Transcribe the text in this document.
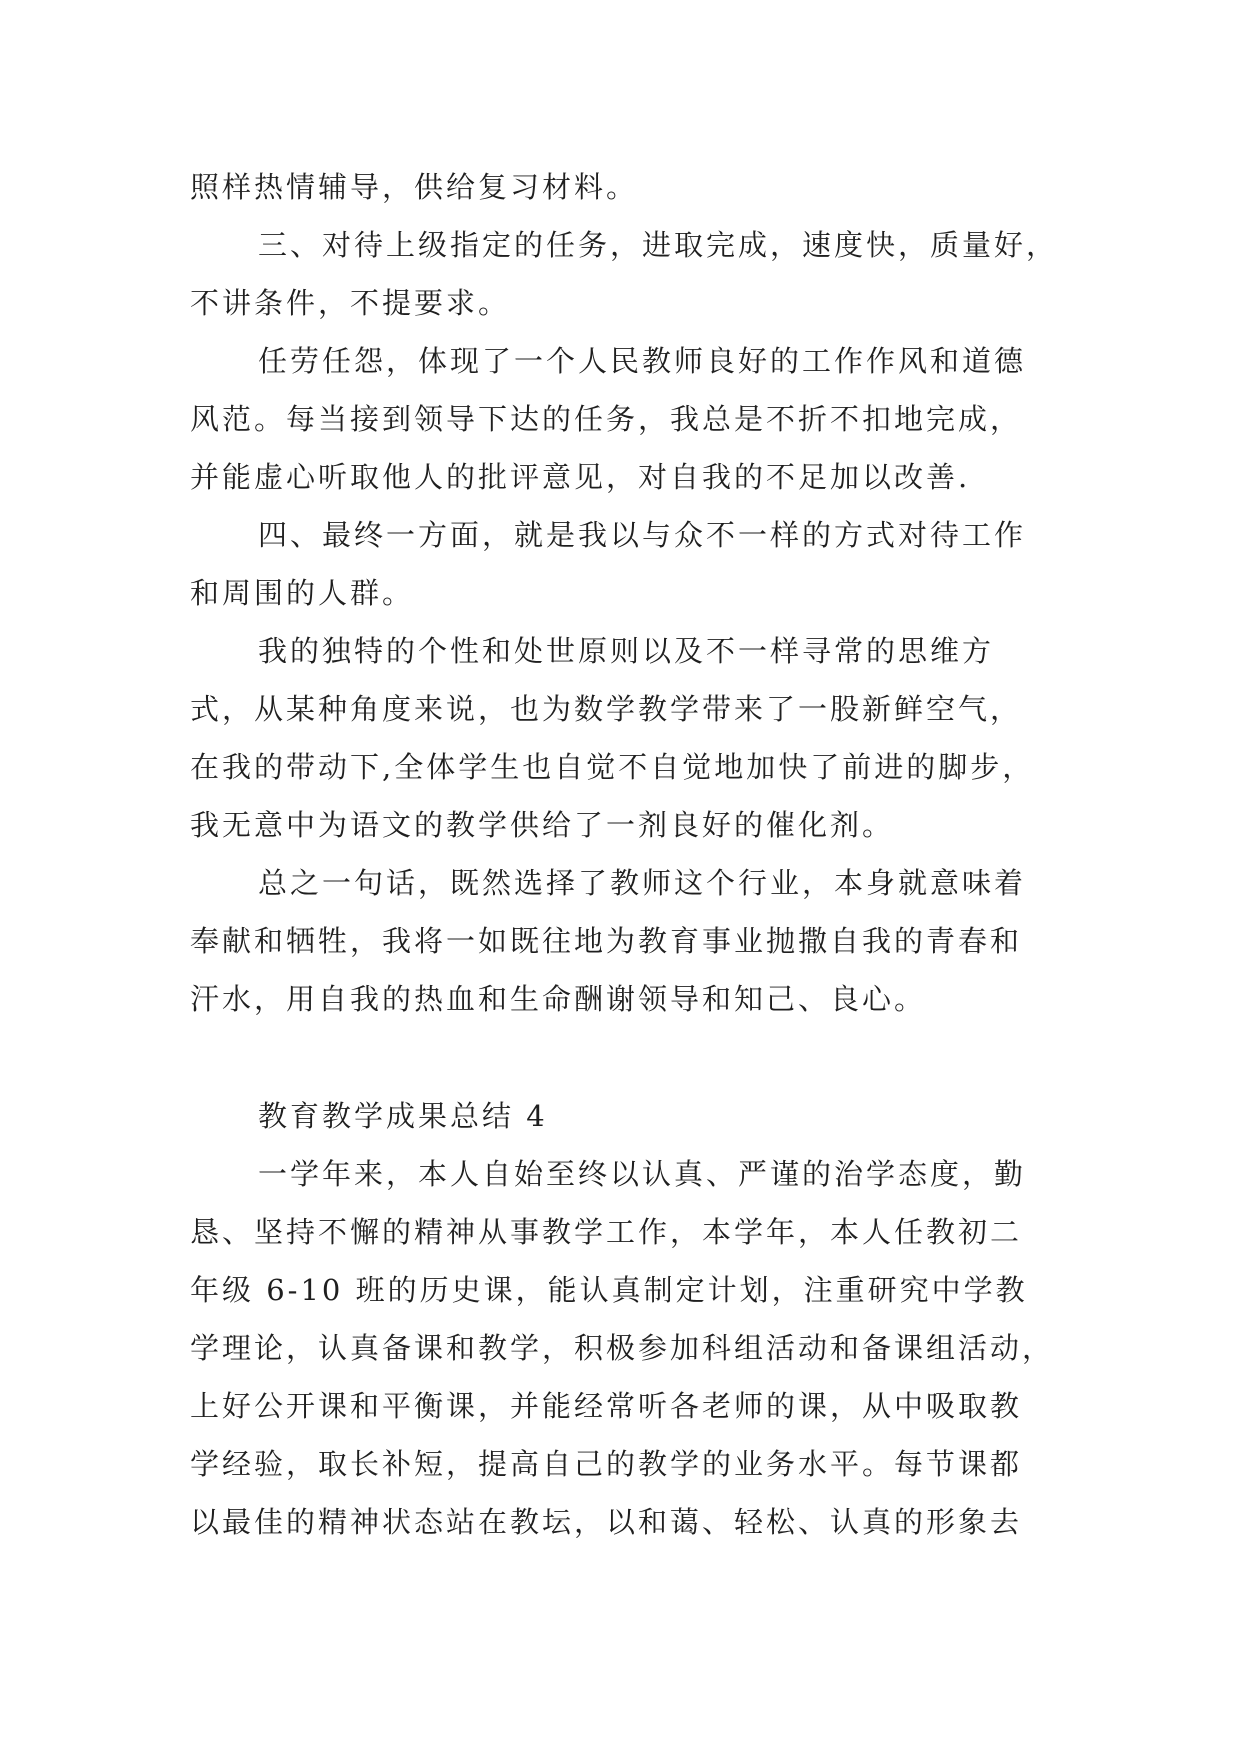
照样热情辅导，供给复习材料。
三、对待上级指定的任务，进取完成，速度快，质量好，
不讲条件，不提要求。
任劳任怨，体现了一个人民教师良好的工作作风和道德
风范。每当接到领导下达的任务，我总是不折不扣地完成，
并能虚心听取他人的批评意见，对自我的不足加以改善.
四、最终一方面，就是我以与众不一样的方式对待工作
和周围的人群。
我的独特的个性和处世原则以及不一样寻常的思维方
式，从某种角度来说，也为数学教学带来了一股新鲜空气，
在我的带动下,全体学生也自觉不自觉地加快了前进的脚步，
我无意中为语文的教学供给了一剂良好的催化剂。
总之一句话，既然选择了教师这个行业，本身就意味着
奉献和牺牲，我将一如既往地为教育事业抛撒自我的青春和
汗水，用自我的热血和生命酬谢领导和知己、良心。
教育教学成果总结 4
一学年来，本人自始至终以认真、严谨的治学态度，勤
恳、坚持不懈的精神从事教学工作，本学年，本人任教初二
年级 6-10 班的历史课，能认真制定计划，注重研究中学教
学理论，认真备课和教学，积极参加科组活动和备课组活动，
上好公开课和平衡课，并能经常听各老师的课，从中吸取教
学经验，取长补短，提高自己的教学的业务水平。每节课都
以最佳的精神状态站在教坛，以和蔼、轻松、认真的形象去
